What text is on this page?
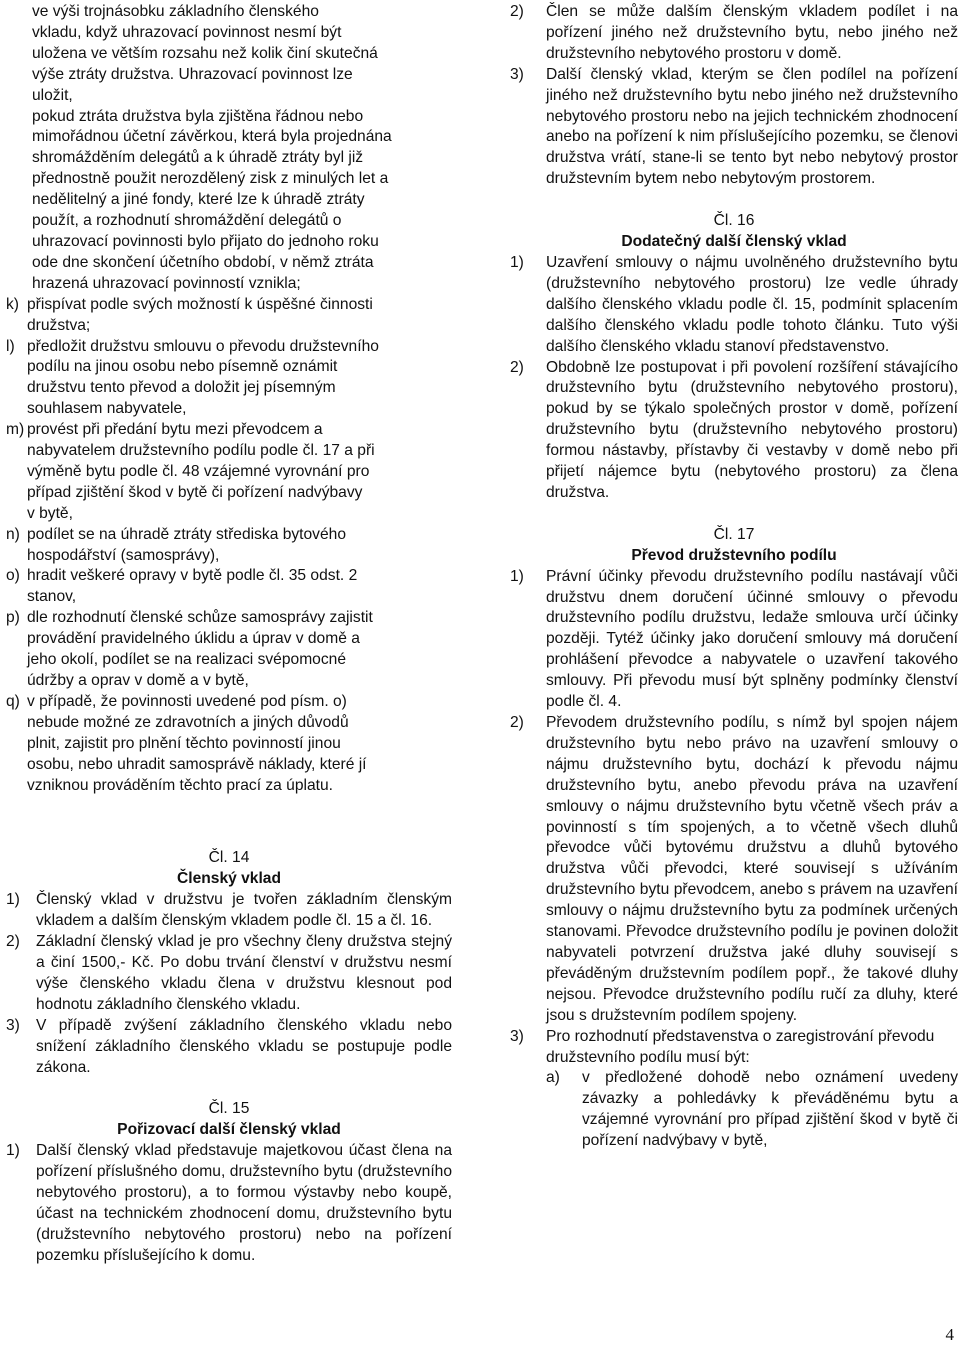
ve výši trojnásobku základního členského

vkladu, když uhrazovací povinnost nesmí být

uložena ve větším rozsahu než kolik činí skutečná

výše ztráty družstva. Uhrazovací povinnost lze

uložit,

pokud ztráta družstva byla zjištěna řádnou nebo

mimořádnou účetní závěrkou, která byla projednána

shromážděním delegátů a k úhradě ztráty byl již

přednostně použit nerozdělený zisk z minulých let a

nedělitelný a jiné fondy, které lze k úhradě ztráty

použít, a rozhodnutí shromáždění delegátů o

uhrazovací povinnosti bylo přijato do jednoho roku

ode dne skončení účetního období, v němž ztráta

hrazená uhrazovací povinností vznikla;

k) přispívat podle svých možností k úspěšné činnosti
družstva;
l) předložit družstvu smlouvu o převodu družstevního
podílu na jinou osobu nebo písemně oznámit
družstvu tento převod a doložit jej písemným
souhlasem nabyvatele,
m) provést při předání bytu mezi převodcem a
nabyvatelem družstevního podílu podle čl. 17 a při
výměně bytu podle čl. 48 vzájemné vyrovnání pro
případ zjištění škod v bytě či pořízení nadvýbavy
v bytě,
n) podílet se na úhradě ztráty střediska bytového
hospodářství (samosprávy),
o) hradit veškeré opravy v bytě podle čl. 35 odst. 2
stanov,
p) dle rozhodnutí členské schůze samosprávy zajistit
provádění pravidelného úklidu a úprav v domě a
jeho okolí, podílet se na realizaci svépomocné
údržby a oprav v domě a v bytě,
q) v případě, že povinnosti uvedené pod písm. o)
nebude možné ze zdravotních a jiných důvodů
plnit, zajistit pro plnění těchto povinností jinou
osobu, nebo uhradit samosprávě náklady, které jí
vzniknou prováděním těchto prací za úplatu.

Čl. 14

Členský vklad

1)	Členský vklad v družstvu je tvořen základním členským vkladem a dalším členským vkladem podle čl. 15 a čl. 16.
2)	Základní členský vklad je pro všechny členy družstva stejný a činí 1500,- Kč. Po dobu trvání členství v družstvu nesmí výše členského vkladu člena v družstvu klesnout pod hodnotu základního členského vkladu.
3)	V případě zvýšení základního členského vkladu nebo snížení základního členského vkladu se postupuje podle zákona.

Čl. 15

Pořizovací další členský vklad

1)	Další členský vklad představuje majetkovou účast člena na pořízení příslušného domu, družstevního bytu (družstevního nebytového prostoru), a to formou výstavby nebo koupě, účast na technickém zhodnocení domu, družstevního bytu (družstevního nebytového prostoru) nebo na pořízení pozemku příslušejícího k domu.
2)	Člen se může dalším členským vkladem podílet i na pořízení jiného než družstevního bytu, nebo jiného než družstevního nebytového prostoru v domě.
3)	Další členský vklad, kterým se člen podílel na pořízení jiného než družstevního bytu nebo jiného než družstevního nebytového prostoru nebo na jejich technickém zhodnocení anebo na pořízení k nim příslušejícího pozemku, se členovi družstva vrátí, stane-li se tento byt nebo nebytový prostor družstevním bytem nebo nebytovým prostorem.

Čl. 16

Dodatečný další členský vklad

1)	Uzavření smlouvy o nájmu uvolněného družstevního bytu (družstevního nebytového prostoru) lze vedle úhrady dalšího členského vkladu podle čl. 15, podmínit splacením dalšího členského vkladu podle tohoto článku. Tuto výši dalšího členského vkladu stanoví představenstvo.
2)	Obdobně lze postupovat i při povolení rozšíření stávajícího družstevního bytu (družstevního nebytového prostoru), pokud by se týkalo společných prostor v domě, pořízení družstevního bytu (družstevního nebytového prostoru) formou nástavby, přístavby či vestavby v domě nebo při přijetí nájemce bytu (nebytového prostoru) za člena družstva.

Čl. 17

Převod družstevního podílu

1)	Právní účinky převodu družstevního podílu nastávají vůči družstvu dnem doručení účinné smlouvy o převodu družstevního podílu družstvu, ledaže smlouva určí účinky později. Tytéž účinky jako doručení smlouvy má doručení prohlášení převodce a nabyvatele o uzavření takového smlouvy. Při převodu musí být splněny podmínky členství podle čl. 4.
2)	Převodem družstevního podílu, s nímž byl spojen nájem družstevního bytu nebo právo na uzavření smlouvy o nájmu družstevního bytu, dochází k převodu nájmu družstevního bytu, anebo převodu práva na uzavření smlouvy o nájmu družstevního bytu včetně všech práv a povinností s tím spojených, a to včetně všech dluhů převodce vůči bytovému družstvu a dluhů bytového družstva vůči převodci, které souvisejí s užíváním družstevního bytu převodcem, anebo s právem na uzavření smlouvy o nájmu družstevního bytu za podmínek určených stanovami. Převodce družstevního podílu je povinen doložit nabyvateli potvrzení družstva jaké dluhy souvisejí s převáděným družstevním podílem popř., že takové dluhy nejsou. Převodce družstevního podílu ručí za dluhy, které jsou s družstevním podílem spojeny.
3)	Pro rozhodnutí představenstva o zaregistrování převodu družstevního podílu musí být:
a)	v předložené dohodě nebo oznámení uvedeny závazky a pohledávky k převáděnému bytu a vzájemné vyrovnání pro případ zjištění škod v bytě či pořízení nadvýbavy v bytě,
4
